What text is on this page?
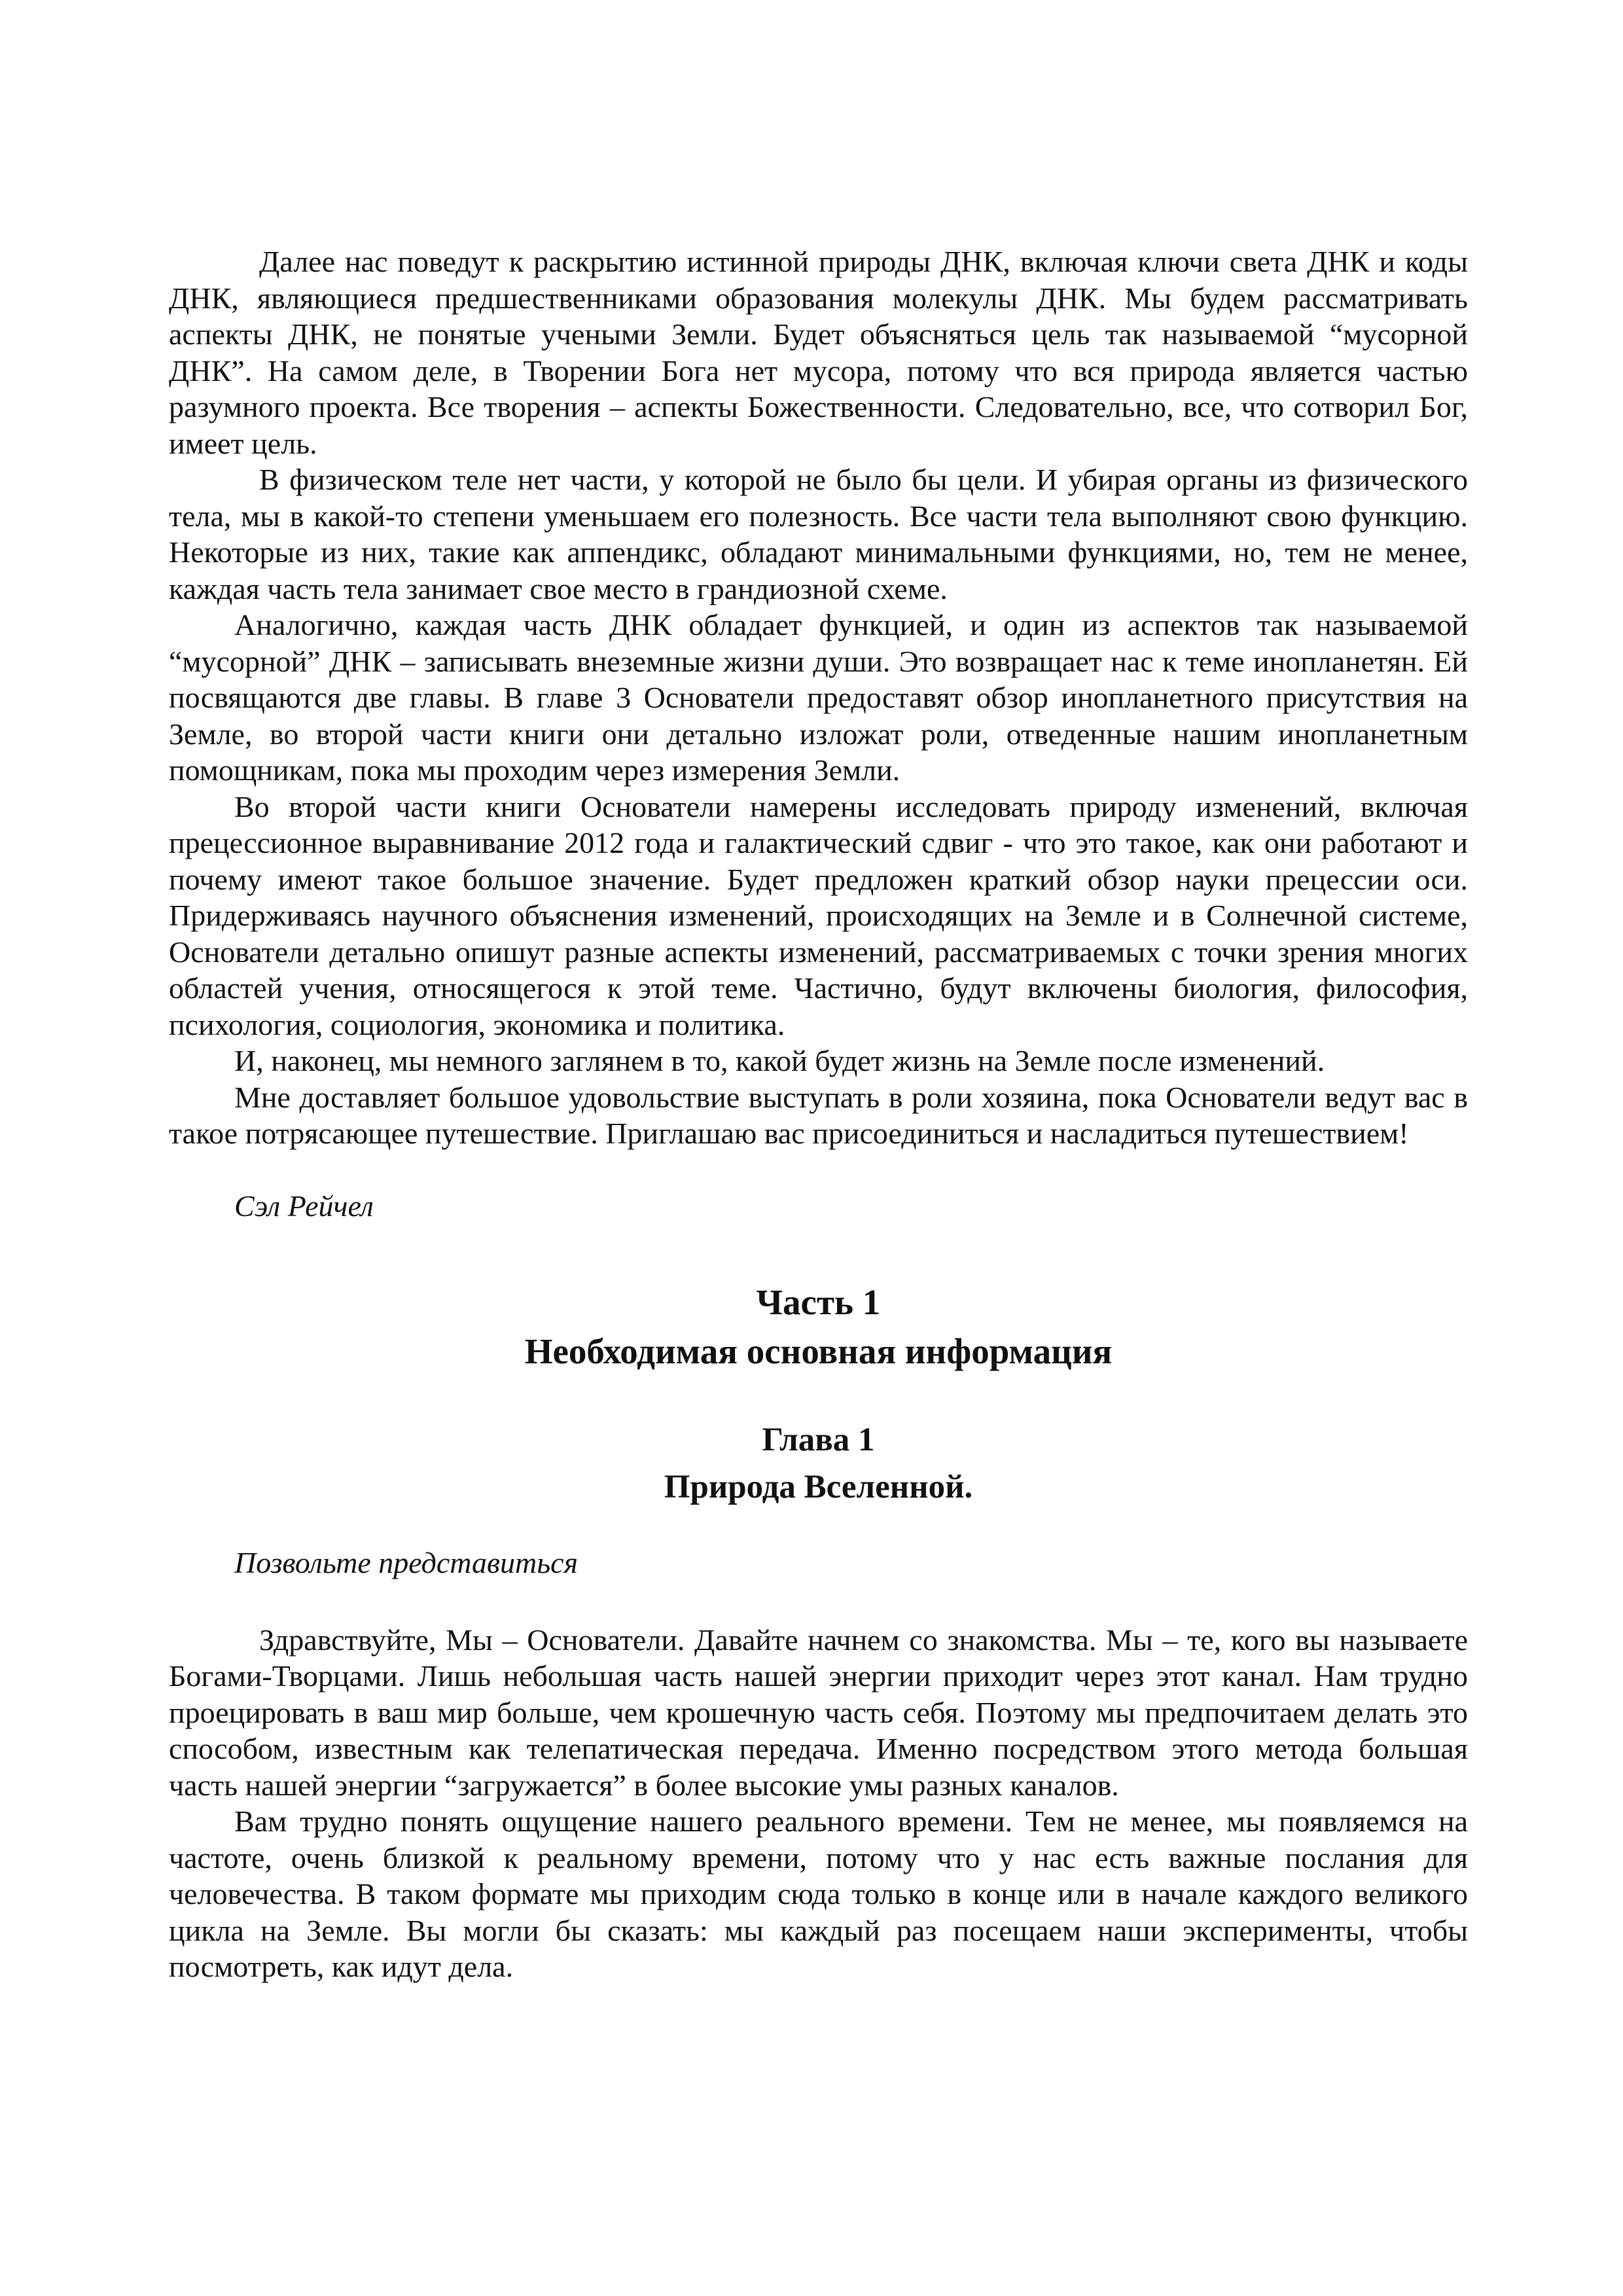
Далее нас поведут к раскрытию истинной природы ДНК, включая ключи света ДНК и коды ДНК, являющиеся предшественниками образования молекулы ДНК. Мы будем рассматривать аспекты ДНК, не понятые учеными Земли. Будет объясняться цель так называемой “мусорной ДНК”. На самом деле, в Творении Бога нет мусора, потому что вся природа является частью разумного проекта. Все творения – аспекты Божественности. Следовательно, все, что сотворил Бог, имеет цель.

В физическом теле нет части, у которой не было бы цели. И убирая органы из физического тела, мы в какой-то степени уменьшаем его полезность. Все части тела выполняют свою функцию. Некоторые из них, такие как аппендикс, обладают минимальными функциями, но, тем не менее, каждая часть тела занимает свое место в грандиозной схеме.

Аналогично, каждая часть ДНК обладает функцией, и один из аспектов так называемой “мусорной” ДНК – записывать внеземные жизни души. Это возвращает нас к теме инопланетян. Ей посвящаются две главы. В главе 3 Основатели предоставят обзор инопланетного присутствия на Земле, во второй части книги они детально изложат роли, отведенные нашим инопланетным помощникам, пока мы проходим через измерения Земли.

Во второй части книги Основатели намерены исследовать природу изменений, включая прецессионное выравнивание 2012 года и галактический сдвиг - что это такое, как они работают и почему имеют такое большое значение. Будет предложен краткий обзор науки прецессии оси. Придерживаясь научного объяснения изменений, происходящих на Земле и в Солнечной системе, Основатели детально опишут разные аспекты изменений, рассматриваемых с точки зрения многих областей учения, относящегося к этой теме. Частично, будут включены биология, философия, психология, социология, экономика и политика.

И, наконец, мы немного заглянем в то, какой будет жизнь на Земле после изменений.

Мне доставляет большое удовольствие выступать в роли хозяина, пока Основатели ведут вас в такое потрясающее путешествие. Приглашаю вас присоединиться и насладиться путешествием!

Сэл Рейчел

Часть 1
Необходимая основная информация
Глава 1
Природа Вселенной.

Позвольте представиться

Здравствуйте, Мы – Основатели. Давайте начнем со знакомства. Мы – те, кого вы называете Богами-Творцами. Лишь небольшая часть нашей энергии приходит через этот канал. Нам трудно проецировать в ваш мир больше, чем крошечную часть себя. Поэтому мы предпочитаем делать это способом, известным как телепатическая передача. Именно посредством этого метода большая часть нашей энергии “загружается” в более высокие умы разных каналов.

Вам трудно понять ощущение нашего реального времени. Тем не менее, мы появляемся на частоте, очень близкой к реальному времени, потому что у нас есть важные послания для человечества. В таком формате мы приходим сюда только в конце или в начале каждого великого цикла на Земле. Вы могли бы сказать: мы каждый раз посещаем наши эксперименты, чтобы посмотреть, как идут дела.
